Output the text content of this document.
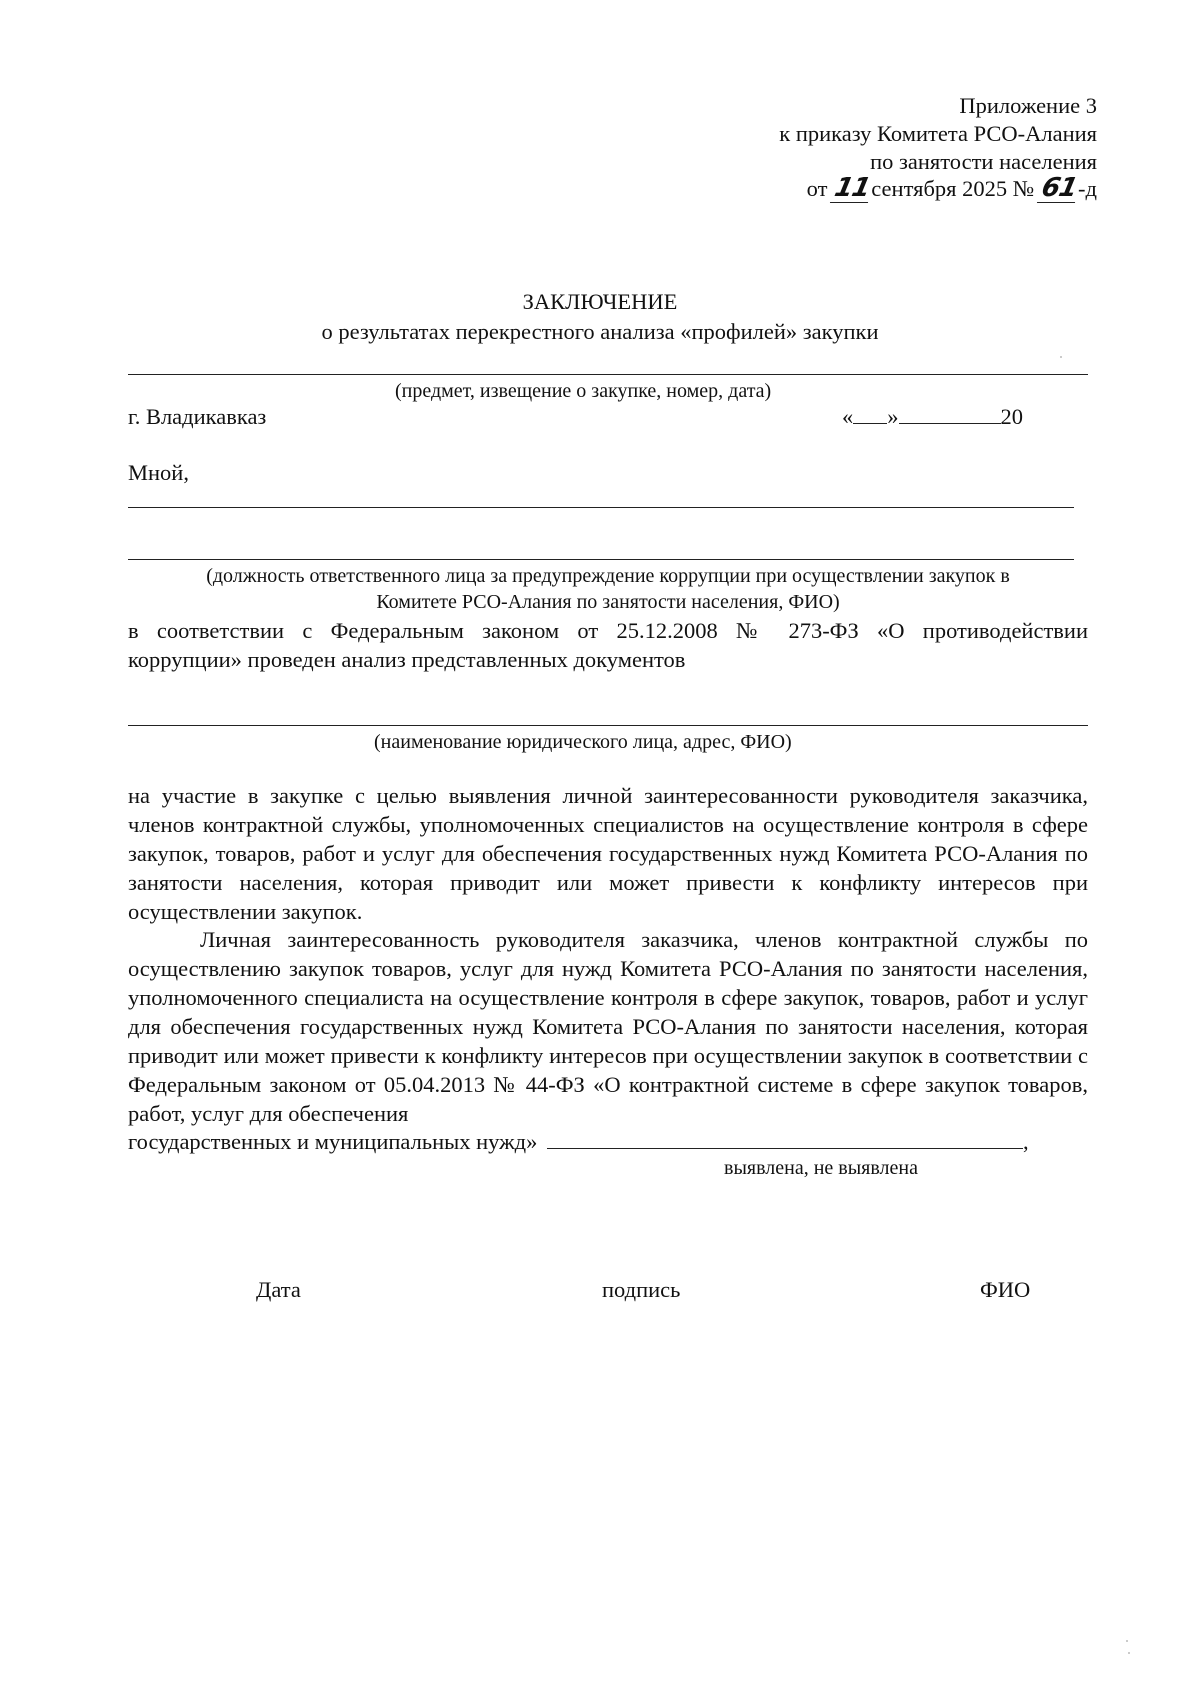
Приложение 3
к приказу Комитета РСО-Алания
по занятости населения
от 11сентября 2025 № 61-д
ЗАКЛЮЧЕНИЕ
о результатах перекрестного анализа «профилей» закупки
(предмет, извещение о закупке, номер, дата)
г. Владикавказ	« »	20
Мной,
(должность ответственного лица за предупреждение коррупции при осуществлении закупок в
Комитете РСО-Алания по занятости населения, ФИО)
в соответствии с Федеральным законом от 25.12.2008 № 273-ФЗ «О противодействии
коррупции» проведен анализ представленных документов
(наименование юридического лица, адрес, ФИО)
на участие в закупке с целью выявления личной заинтересованности руководителя заказчика, членов контрактной службы, уполномоченных специалистов на осуществление контроля в сфере закупок, товаров, работ и услуг для обеспечения государственных нужд Комитета РСО-Алания по занятости населения, которая приводит или может привести к конфликту интересов при осуществлении закупок.
Личная заинтересованность руководителя заказчика, членов контрактной службы по осуществлению закупок товаров, услуг для нужд Комитета РСО-Алания по занятости населения, уполномоченного специалиста на осуществление контроля в сфере закупок, товаров, работ и услуг для обеспечения государственных нужд Комитета РСО-Алания по занятости населения, которая приводит или может привести к конфликту интересов при осуществлении закупок в соответствии с Федеральным законом от 05.04.2013 № 44-ФЗ «О контрактной системе в сфере закупок товаров, работ, услуг для обеспечения
государственных и муниципальных нужд»	,
выявлена, не выявлена
Дата	подпись	ФИО
